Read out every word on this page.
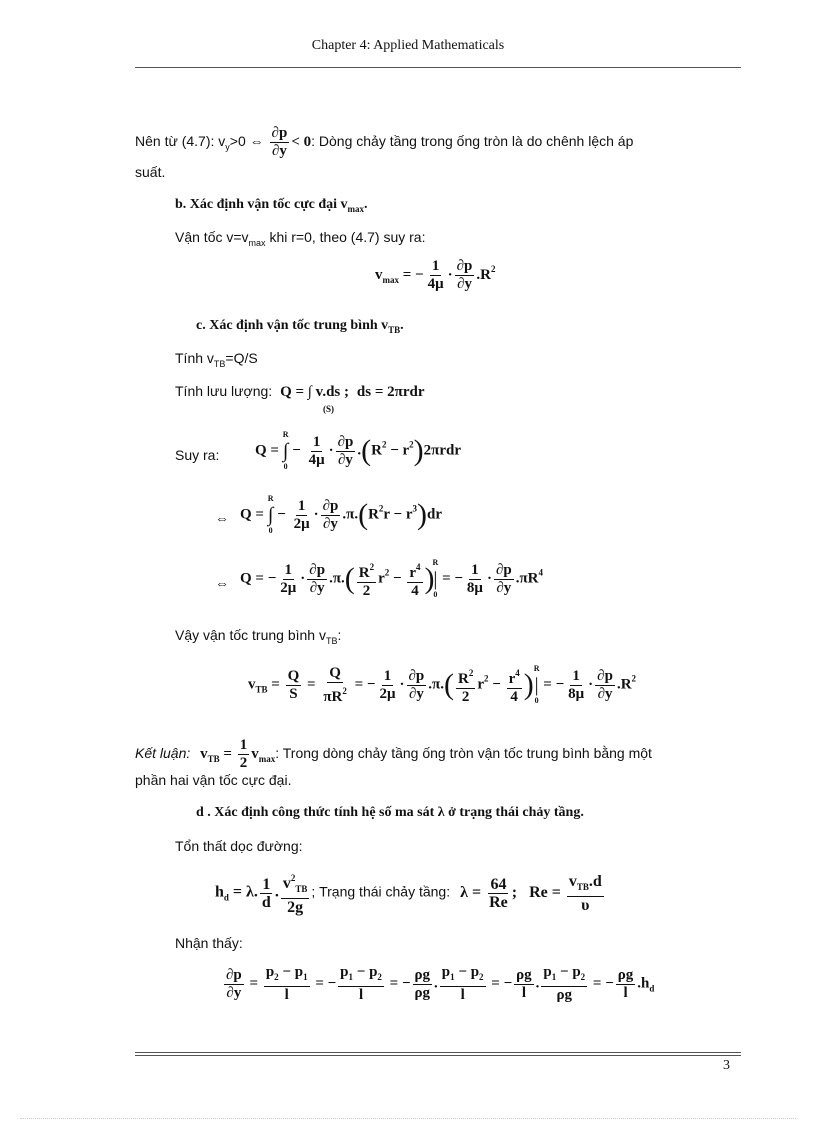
Chapter 4: Applied Mathematicals
Nên từ (4.7): $v_y>0$ ⇔ $\frac{\partial p}{\partial y} < 0$: Dòng chảy tầng trong ống tròn là do chênh lệch áp
suất.
b. Xác định vận tốc cực đại $v_{max}$.
Vận tốc $v=v_{max}$ khi r=0, theo (4.7) suy ra:
$v_{max}$ = − $\frac{1}{4\mu} \cdot \frac{\partial p}{\partial y} .R^2$
c. Xác định vận tốc trung bình $v_{TB}$.
Tính $v_{TB}=Q/S$
Tính lưu lượng: Q = ∫ v.ds ; ds = 2πrdr
(S)
Suy ra: Q =
R
∫
0
− $\frac{1}{4\mu} \cdot \frac{\partial p}{\partial y} .(R^2 - r^2)2\pi rdr$
⇔ Q =
R
∫
0
− $\frac{1}{2\mu} \cdot \frac{\partial p}{\partial y} .\pi.(R^2r - r^3)dr$
⇔ Q = − $\frac{1}{2\mu} \cdot \frac{\partial p}{\partial y} .\pi.( \frac{R^2}{2} r^2 - \frac{r^4}{4}$ )
R
|
0
= − $\frac{1}{8\mu} \cdot \frac{\partial p}{\partial y} .\pi R^4$
Vậy vận tốc trung bình $v_{TB}$:
$v_{TB} = \frac{Q}{S} = \frac{Q}{\pi R^2}$ = − $\frac{1}{2\mu} \cdot \frac{\partial p}{\partial y} .\pi.( \frac{R^2}{2} r^2 - \frac{r^4}{4}$ ) R
|
0
= − $\frac{1}{8\mu} \cdot \frac{\partial p}{\partial y} .R^2$
Kết luận: $v_{TB} = \frac{1}{2} v_{max}$: Trong dòng chảy tầng ống tròn vận tốc trung bình bằng một
phần hai vận tốc cực đại.
d . Xác định công thức tính hệ số ma sát λ ở trạng thái chảy tầng.
Tổn thất dọc đường:
$h_d = \lambda$. $\frac{1}{d}$ . $\frac{v^2_{TB}}{2g}$ ; Trạng thái chảy tầng: $\lambda = \frac{64}{Re}$ ; $Re = \frac{v_{TB}.d}{\upsilon}$
Nhận thấy:
$\frac{\partial p}{\partial y} = \frac{p_2 - p_1}{l}$ = − $\frac{p_1 - p_2}{l}$ = − $\frac{\rho g}{\rho g}$ . $\frac{p_1 - p_2}{l}$ = − $\frac{\rho g}{l}$ . $\frac{p_1 - p_2}{\rho g}$ = − $\frac{\rho g}{l} .h_d$
3
